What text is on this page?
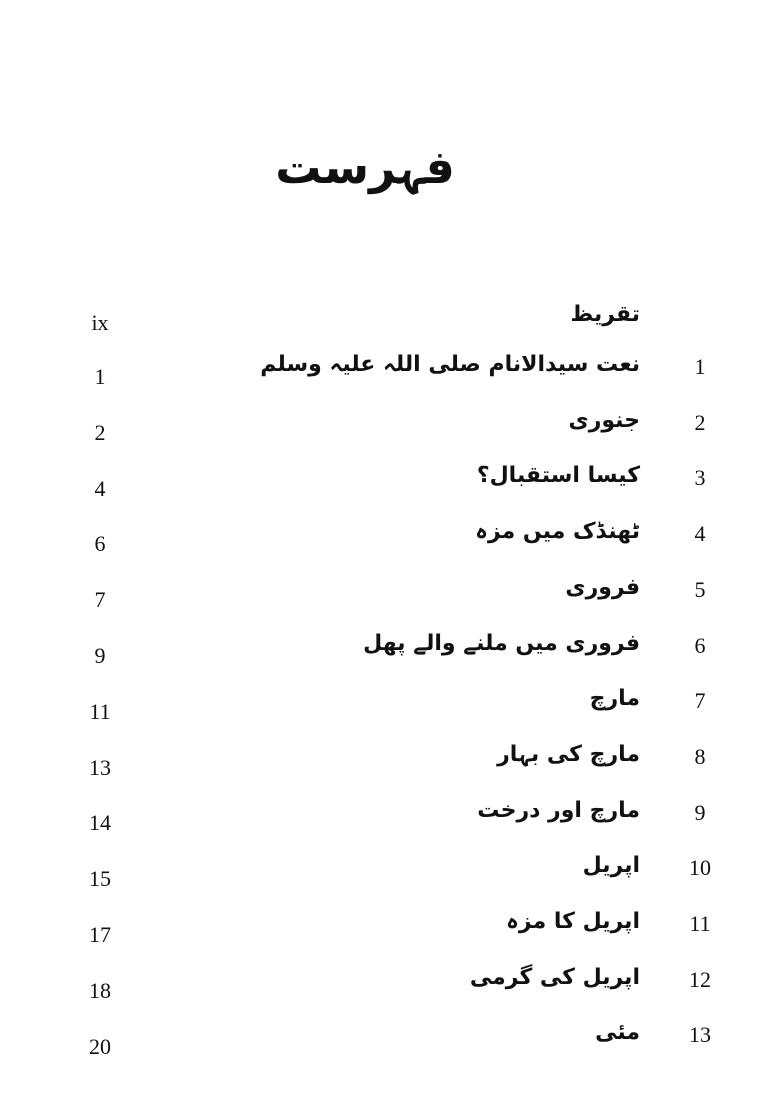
فہرست
تقریظ
ix
1
نعت سیدالانام صلی اللہ علیہ وسلم
1
2
جنوری
2
3
کیسا استقبال؟
4
4
ٹھنڈک میں مزہ
6
5
فروری
7
6
فروری میں ملنے والے پھل
9
7
مارچ
11
8
مارچ کی بہار
13
9
مارچ اور درخت
14
10
اپریل
15
11
اپریل کا مزہ
17
12
اپریل کی گرمی
18
13
مئی
20
